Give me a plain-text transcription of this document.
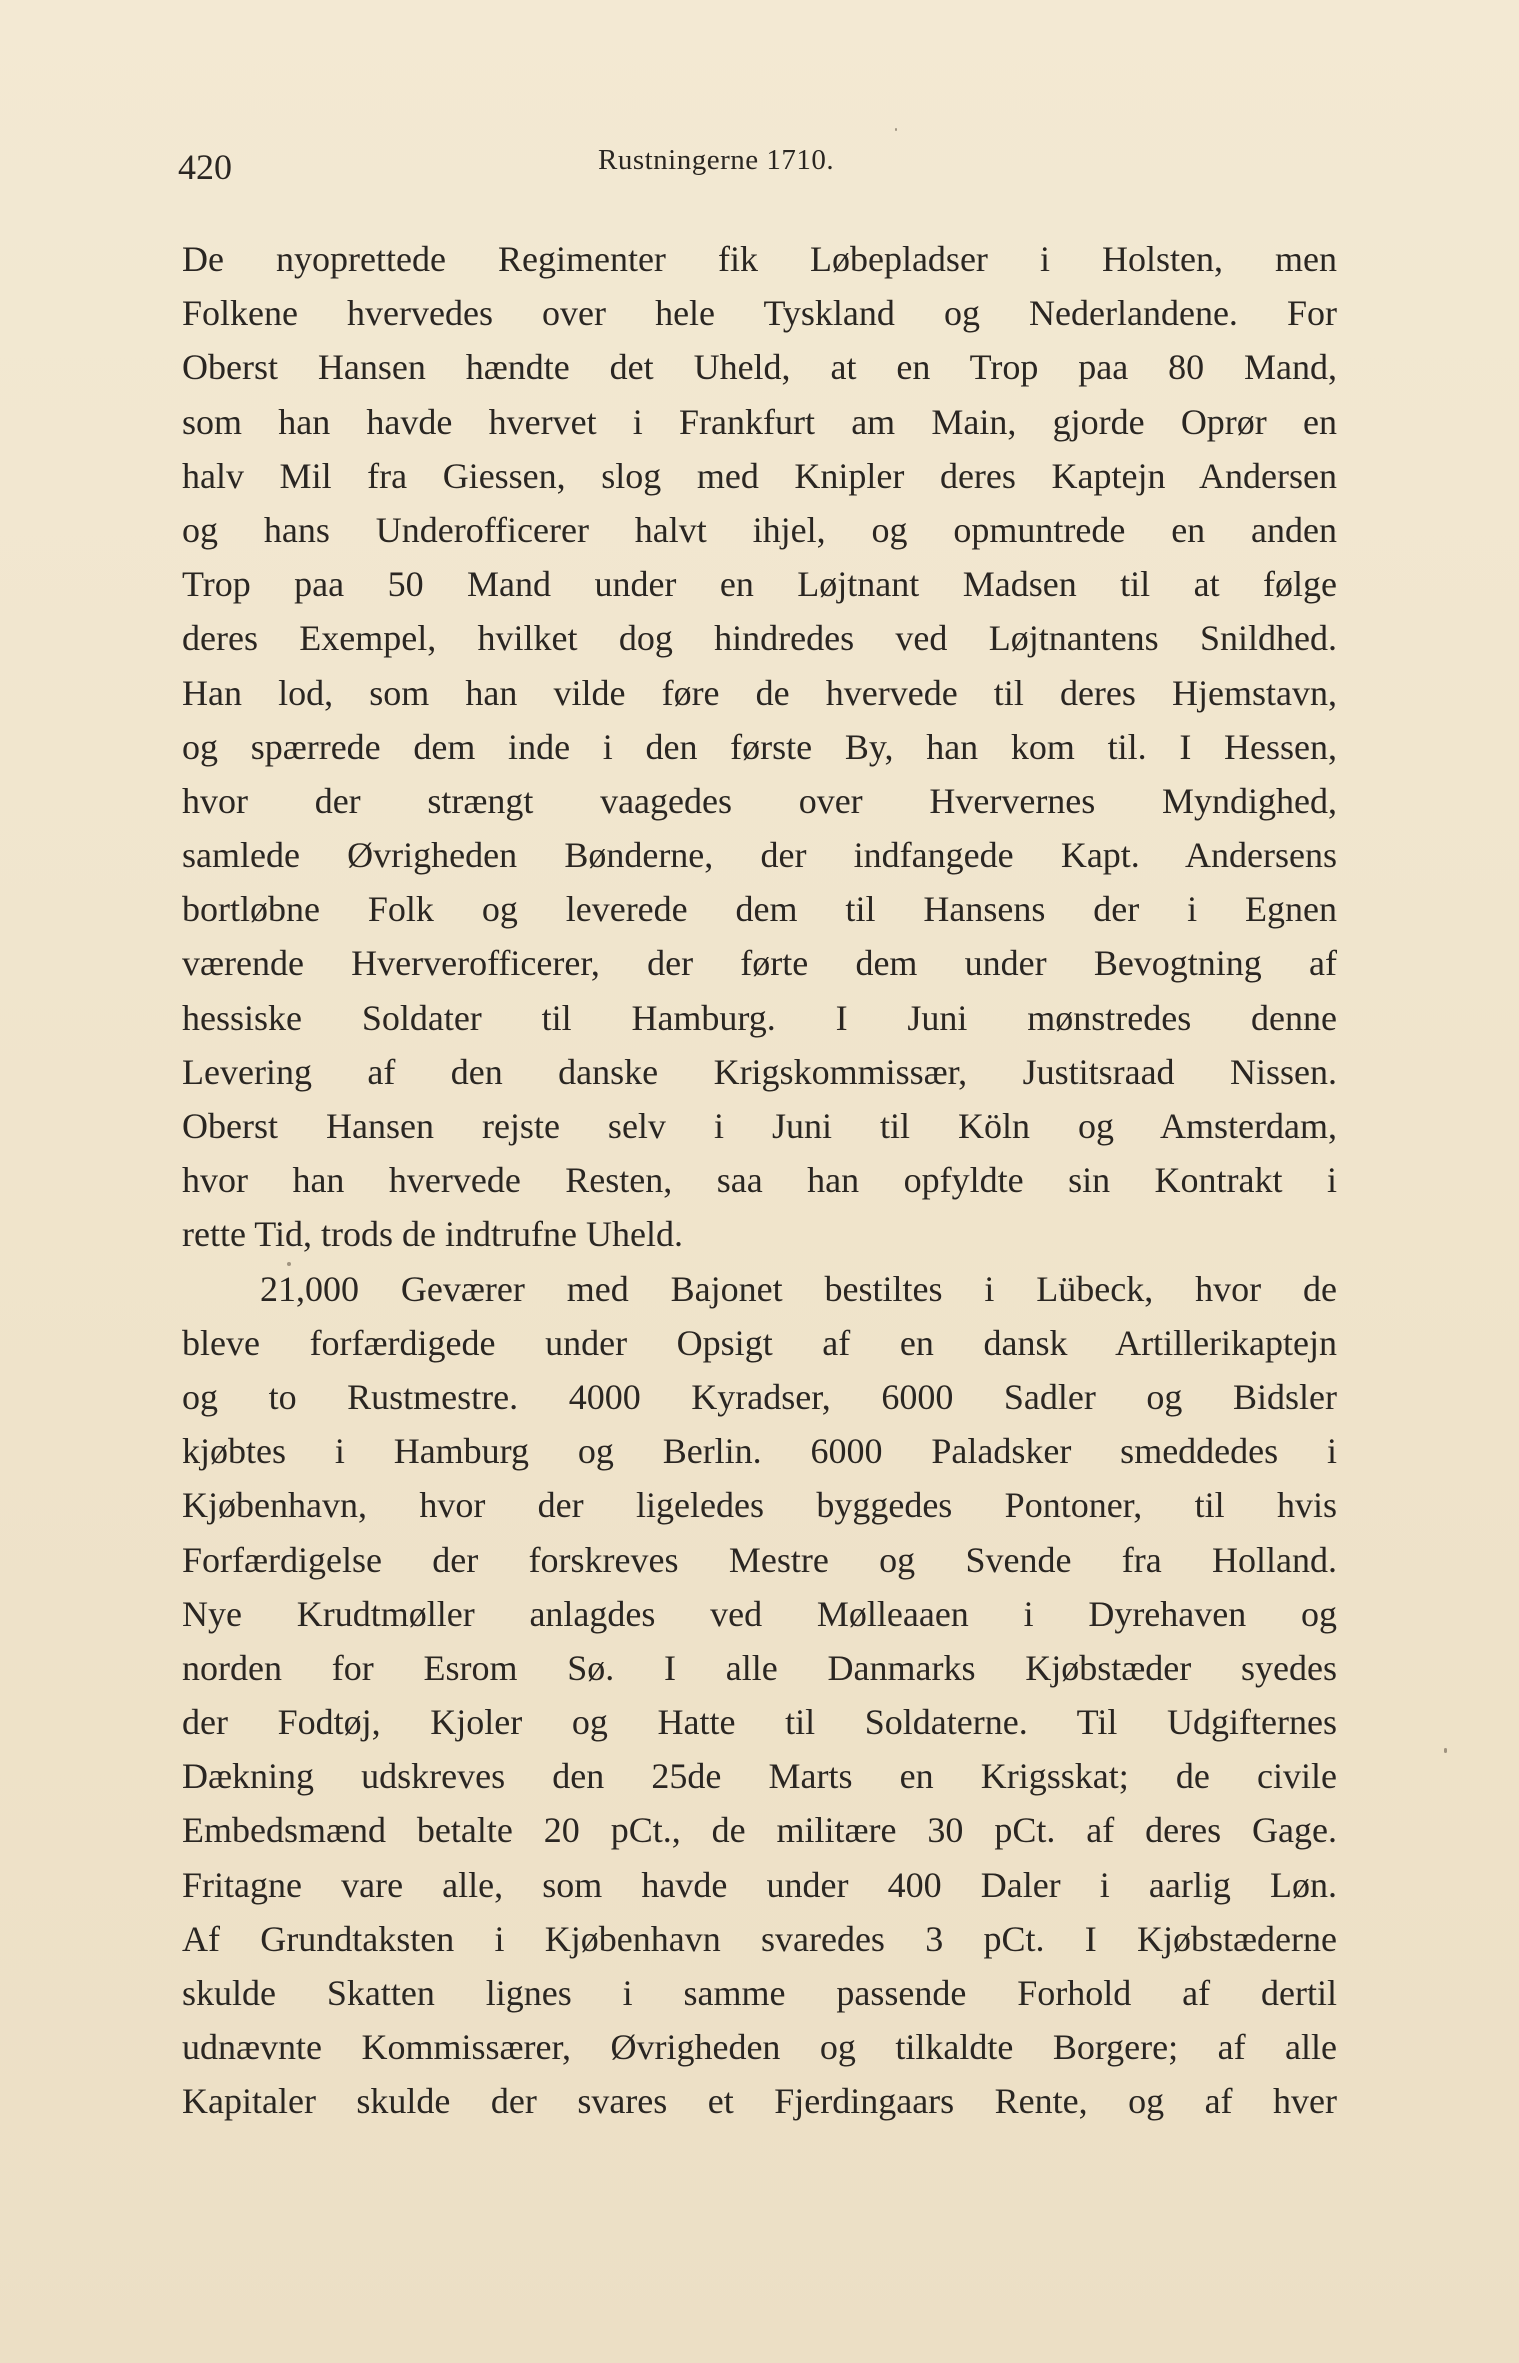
420	Rustningerne 1710.
De nyoprettede Regimenter fik Løbepladser i Holsten, men
Folkene hvervedes over hele Tyskland og Nederlandene. For
Oberst Hansen hændte det Uheld, at en Trop paa 80 Mand,
som han havde hvervet i Frankfurt am Main, gjorde Oprør en
halv Mil fra Giessen, slog med Knipler deres Kaptejn Andersen
og hans Underofficerer halvt ihjel, og opmuntrede en anden
Trop paa 50 Mand under en Løjtnant Madsen til at følge
deres Exempel, hvilket dog hindredes ved Løjtnantens Snildhed.
Han lod, som han vilde føre de hvervede til deres Hjemstavn,
og spærrede dem inde i den første By, han kom til. I Hessen,
hvor der strængt vaagedes over Hververnes Myndighed,
samlede Øvrigheden Bønderne, der indfangede Kapt. Andersens
bortløbne Folk og leverede dem til Hansens der i Egnen
værende Hververofficerer, der førte dem under Bevogtning af
hessiske Soldater til Hamburg. I Juni mønstredes denne
Levering af den danske Krigskommissær, Justitsraad Nissen.
Oberst Hansen rejste selv i Juni til Köln og Amsterdam,
hvor han hvervede Resten, saa han opfyldte sin Kontrakt i
rette Tid, trods de indtrufne Uheld.
21,000 Geværer med Bajonet bestiltes i Lübeck, hvor de
bleve forfærdigede under Opsigt af en dansk Artillerikaptejn
og to Rustmestre. 4000 Kyradser, 6000 Sadler og Bidsler
kjøbtes i Hamburg og Berlin. 6000 Paladsker smeddedes i
Kjøbenhavn, hvor der ligeledes byggedes Pontoner, til hvis
Forfærdigelse der forskreves Mestre og Svende fra Holland.
Nye Krudtmøller anlagdes ved Mølleaaen i Dyrehaven og
norden for Esrom Sø. I alle Danmarks Kjøbstæder syedes
der Fodtøj, Kjoler og Hatte til Soldaterne. Til Udgifternes
Dækning udskreves den 25de Marts en Krigsskat; de civile
Embedsmænd betalte 20 pCt., de militære 30 pCt. af deres Gage.
Fritagne vare alle, som havde under 400 Daler i aarlig Løn.
Af Grundtaksten i Kjøbenhavn svaredes 3 pCt. I Kjøbstæderne
skulde Skatten lignes i samme passende Forhold af dertil
udnævnte Kommissærer, Øvrigheden og tilkaldte Borgere; af alle
Kapitaler skulde der svares et Fjerdingaars Rente, og af hver
